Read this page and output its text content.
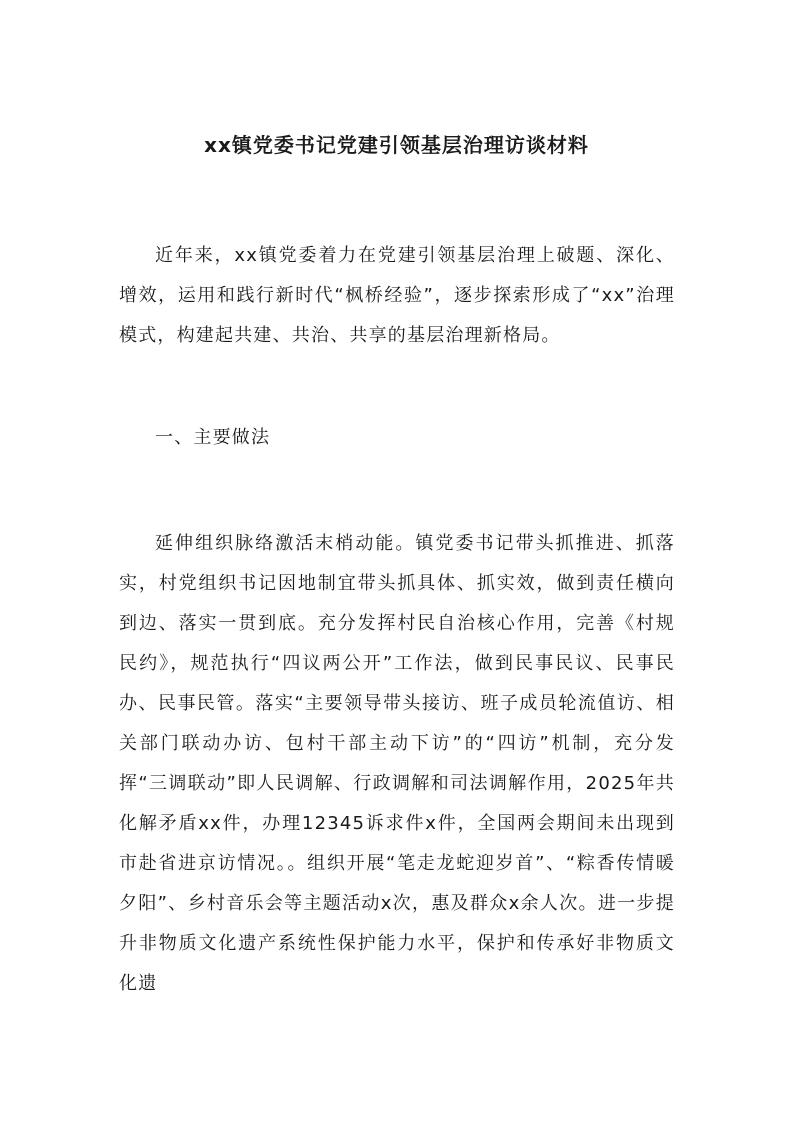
xx镇党委书记党建引领基层治理访谈材料

近年来，xx镇党委着力在党建引领基层治理上破题、深化、增效，运用和践行新时代“枫桥经验”，逐步探索形成了“xx”治理模式，构建起共建、共治、共享的基层治理新格局。

一、主要做法

延伸组织脉络激活末梢动能。镇党委书记带头抓推进、抓落实，村党组织书记因地制宜带头抓具体、抓实效，做到责任横向到边、落实一贯到底。充分发挥村民自治核心作用，完善《村规民约》，规范执行“四议两公开”工作法，做到民事民议、民事民办、民事民管。落实“主要领导带头接访、班子成员轮流值访、相关部门联动办访、包村干部主动下访”的“四访”机制，充分发挥“三调联动”即人民调解、行政调解和司法调解作用，2025年共化解矛盾xx件，办理12345诉求件x件，全国两会期间未出现到市赴省进京访情况。。组织开展“笔走龙蛇迎岁首”、“粽香传情暖夕阳”、乡村音乐会等主题活动x次，惠及群众x余人次。进一步提升非物质文化遗产系统性保护能力水平，保护和传承好非物质文化遗
